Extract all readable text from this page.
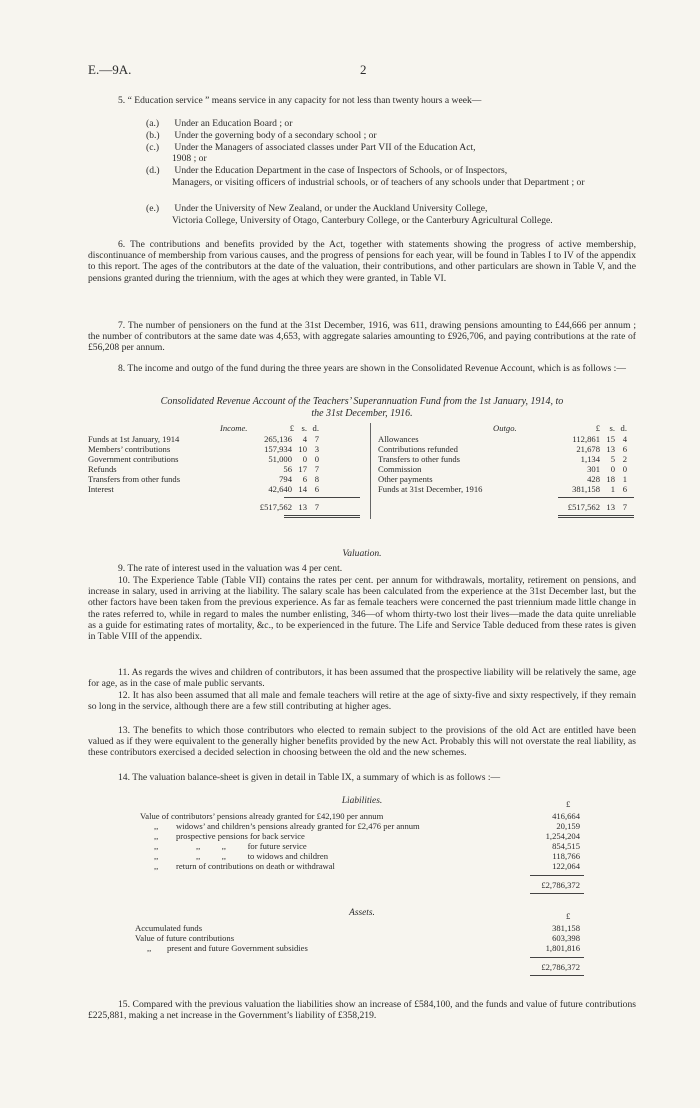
E.—9A.	2

5. “ Education service ” means service in any capacity for not less than twenty hours a week—

(a.) Under an Education Board ; or

(b.) Under the governing body of a secondary school ; or

(c.) Under the Managers of associated classes under Part VII of the Education Act,

1908 ; or

(d.) Under the Education Department in the case of Inspectors of Schools, or of Inspectors,

Managers, or visiting officers of industrial schools, or of teachers of any schools under that Department ; or

(e.) Under the University of New Zealand, or under the Auckland University College,

Victoria College, University of Otago, Canterbury College, or the Canterbury Agricultural College.

6. The contributions and benefits provided by the Act, together with statements showing the progress of active membership, discontinuance of membership from various causes, and the progress of pensions for each year, will be found in Tables I to IV of the appendix to this report. The ages of the contributors at the date of the valuation, their contributions, and other particulars are shown in Table V, and the pensions granted during the triennium, with the ages at which they were granted, in Table VI.

7. The number of pensioners on the fund at the 31st December, 1916, was 611, drawing pensions amounting to £44,666 per annum ; the number of contributors at the same date was 4,653, with aggregate salaries amounting to £926,706, and paying contributions at the rate of £56,208 per annum.

8. The income and outgo of the fund during the three years are shown in the Consolidated Revenue Account, which is as follows :—

Consolidated Revenue Account of the Teachers’ Superannuation Fund from the 1st January, 1914, to

the 31st December, 1916.

Income.	£ s. d.
Funds at 1st January, 1914	265,136	4 7
Members’ contributions	157,934 10 3
Government contributions	51,000	0 0
Refunds	56 17 7
Transfers from other funds	794	6 8
Interest	42,640 14 6
£517,562 13 7
Outgo.	£	s. d.
Allowances	112,861 15 4
Contributions refunded	21,678 13 6
Transfers to other funds	1,134	5 2
Commission	301	0 0
Other payments	428 18 1
Funds at 31st December, 1916	381,158	1 6
£517,562 13 7
Valuation.

9. The rate of interest used in the valuation was 4 per cent.

10. The Experience Table (Table VII) contains the rates per cent. per annum for withdrawals, mortality, retirement on pensions, and increase in salary, used in arriving at the liability. The salary scale has been calculated from the experience at the 31st December last, but the other factors have been taken from the previous experience. As far as female teachers were concerned the past triennium made little change in the rates referred to, while in regard to males the number enlisting, 346—of whom thirty-two lost their lives—made the data quite unreliable as a guide for estimating rates of mortality, &c., to be experienced in the future. The Life and Service Table deduced from these rates is given in Table VIII of the appendix.

11. As regards the wives and children of contributors, it has been assumed that the prospective liability will be relatively the same, age for age, as in the case of male public servants.

12. It has also been assumed that all male and female teachers will retire at the age of sixty-five and sixty respectively, if they remain so long in the service, although there are a few still contributing at higher ages.

13. The benefits to which those contributors who elected to remain subject to the provisions of the old Act are entitled have been valued as if they were equivalent to the generally higher benefits provided by the new Act. Probably this will not overstate the real liability, as these contributors exercised a decided selection in choosing between the old and the new schemes.

14. The valuation balance-sheet is given in detail in Table IX, a summary of which is as follows :—

Liabilities.	£
Value of contributors’ pensions already granted for £42,190 per annum	416,664
,,	widows’ and children’s pensions already granted for £2,476 per annum	20,159
,,	prospective pensions for back service	1,254,204
,,	,,          ,,          for future service	854,515
,,	,,          ,,          to widows and children	118,766
,,	return of contributions on death or withdrawal	122,064
£2,786,372
Assets.	£
Accumulated funds	381,158
Value of future contributions	603,398
,,	present and future Government subsidies	1,801,816
£2,786,372

15. Compared with the previous valuation the liabilities show an increase of £584,100, and the funds and value of future contributions £225,881, making a net increase in the Government’s liability of £358,219.
